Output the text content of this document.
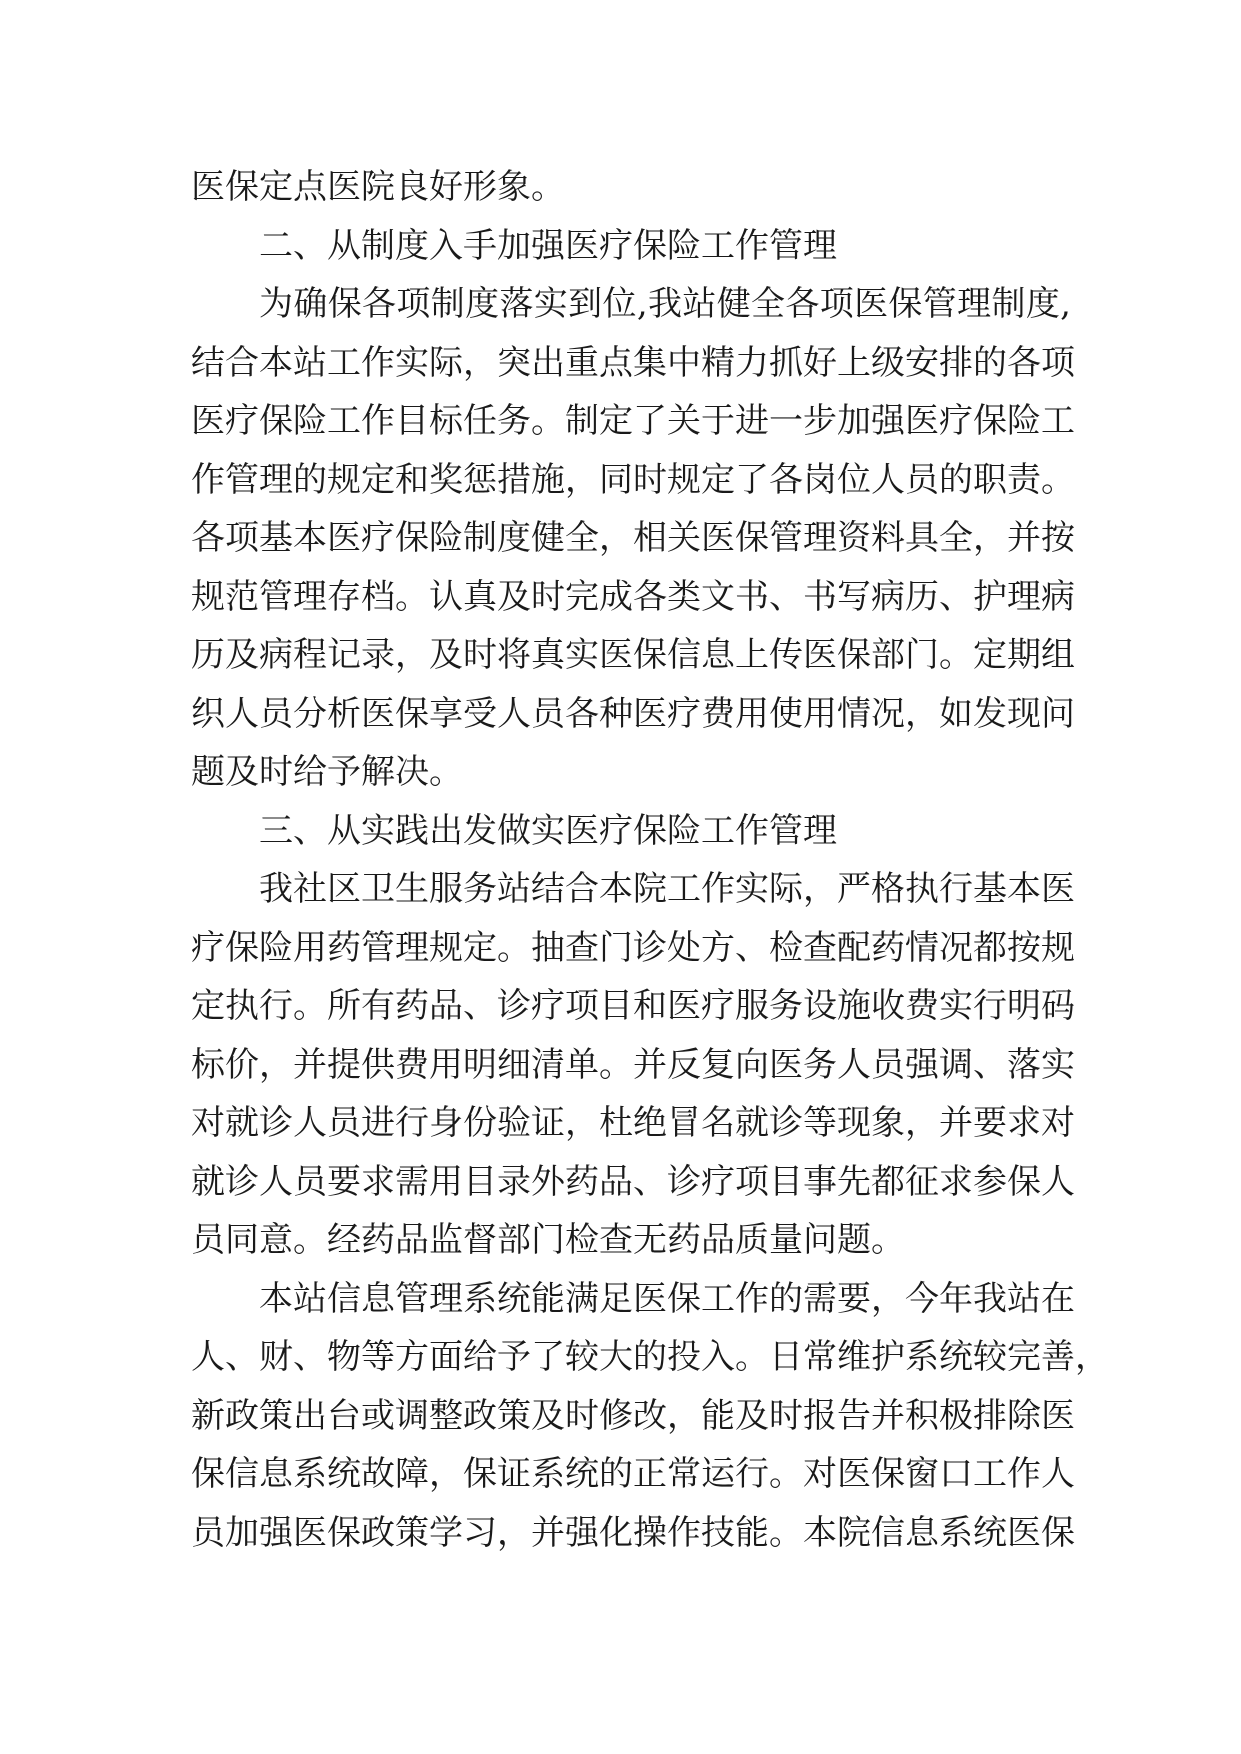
医保定点医院良好形象。
二、从制度入手加强医疗保险工作管理
为确保各项制度落实到位,我站健全各项医保管理制度,
结合本站工作实际，突出重点集中精力抓好上级安排的各项
医疗保险工作目标任务。制定了关于进一步加强医疗保险工
作管理的规定和奖惩措施，同时规定了各岗位人员的职责。
各项基本医疗保险制度健全，相关医保管理资料具全，并按
规范管理存档。认真及时完成各类文书、书写病历、护理病
历及病程记录，及时将真实医保信息上传医保部门。定期组
织人员分析医保享受人员各种医疗费用使用情况，如发现问
题及时给予解决。
三、从实践出发做实医疗保险工作管理
我社区卫生服务站结合本院工作实际，严格执行基本医
疗保险用药管理规定。抽查门诊处方、检查配药情况都按规
定执行。所有药品、诊疗项目和医疗服务设施收费实行明码
标价，并提供费用明细清单。并反复向医务人员强调、落实
对就诊人员进行身份验证，杜绝冒名就诊等现象，并要求对
就诊人员要求需用目录外药品、诊疗项目事先都征求参保人
员同意。经药品监督部门检查无药品质量问题。
本站信息管理系统能满足医保工作的需要，今年我站在
人、财、物等方面给予了较大的投入。日常维护系统较完善，
新政策出台或调整政策及时修改，能及时报告并积极排除医
保信息系统故障，保证系统的正常运行。对医保窗口工作人
员加强医保政策学习，并强化操作技能。本院信息系统医保
